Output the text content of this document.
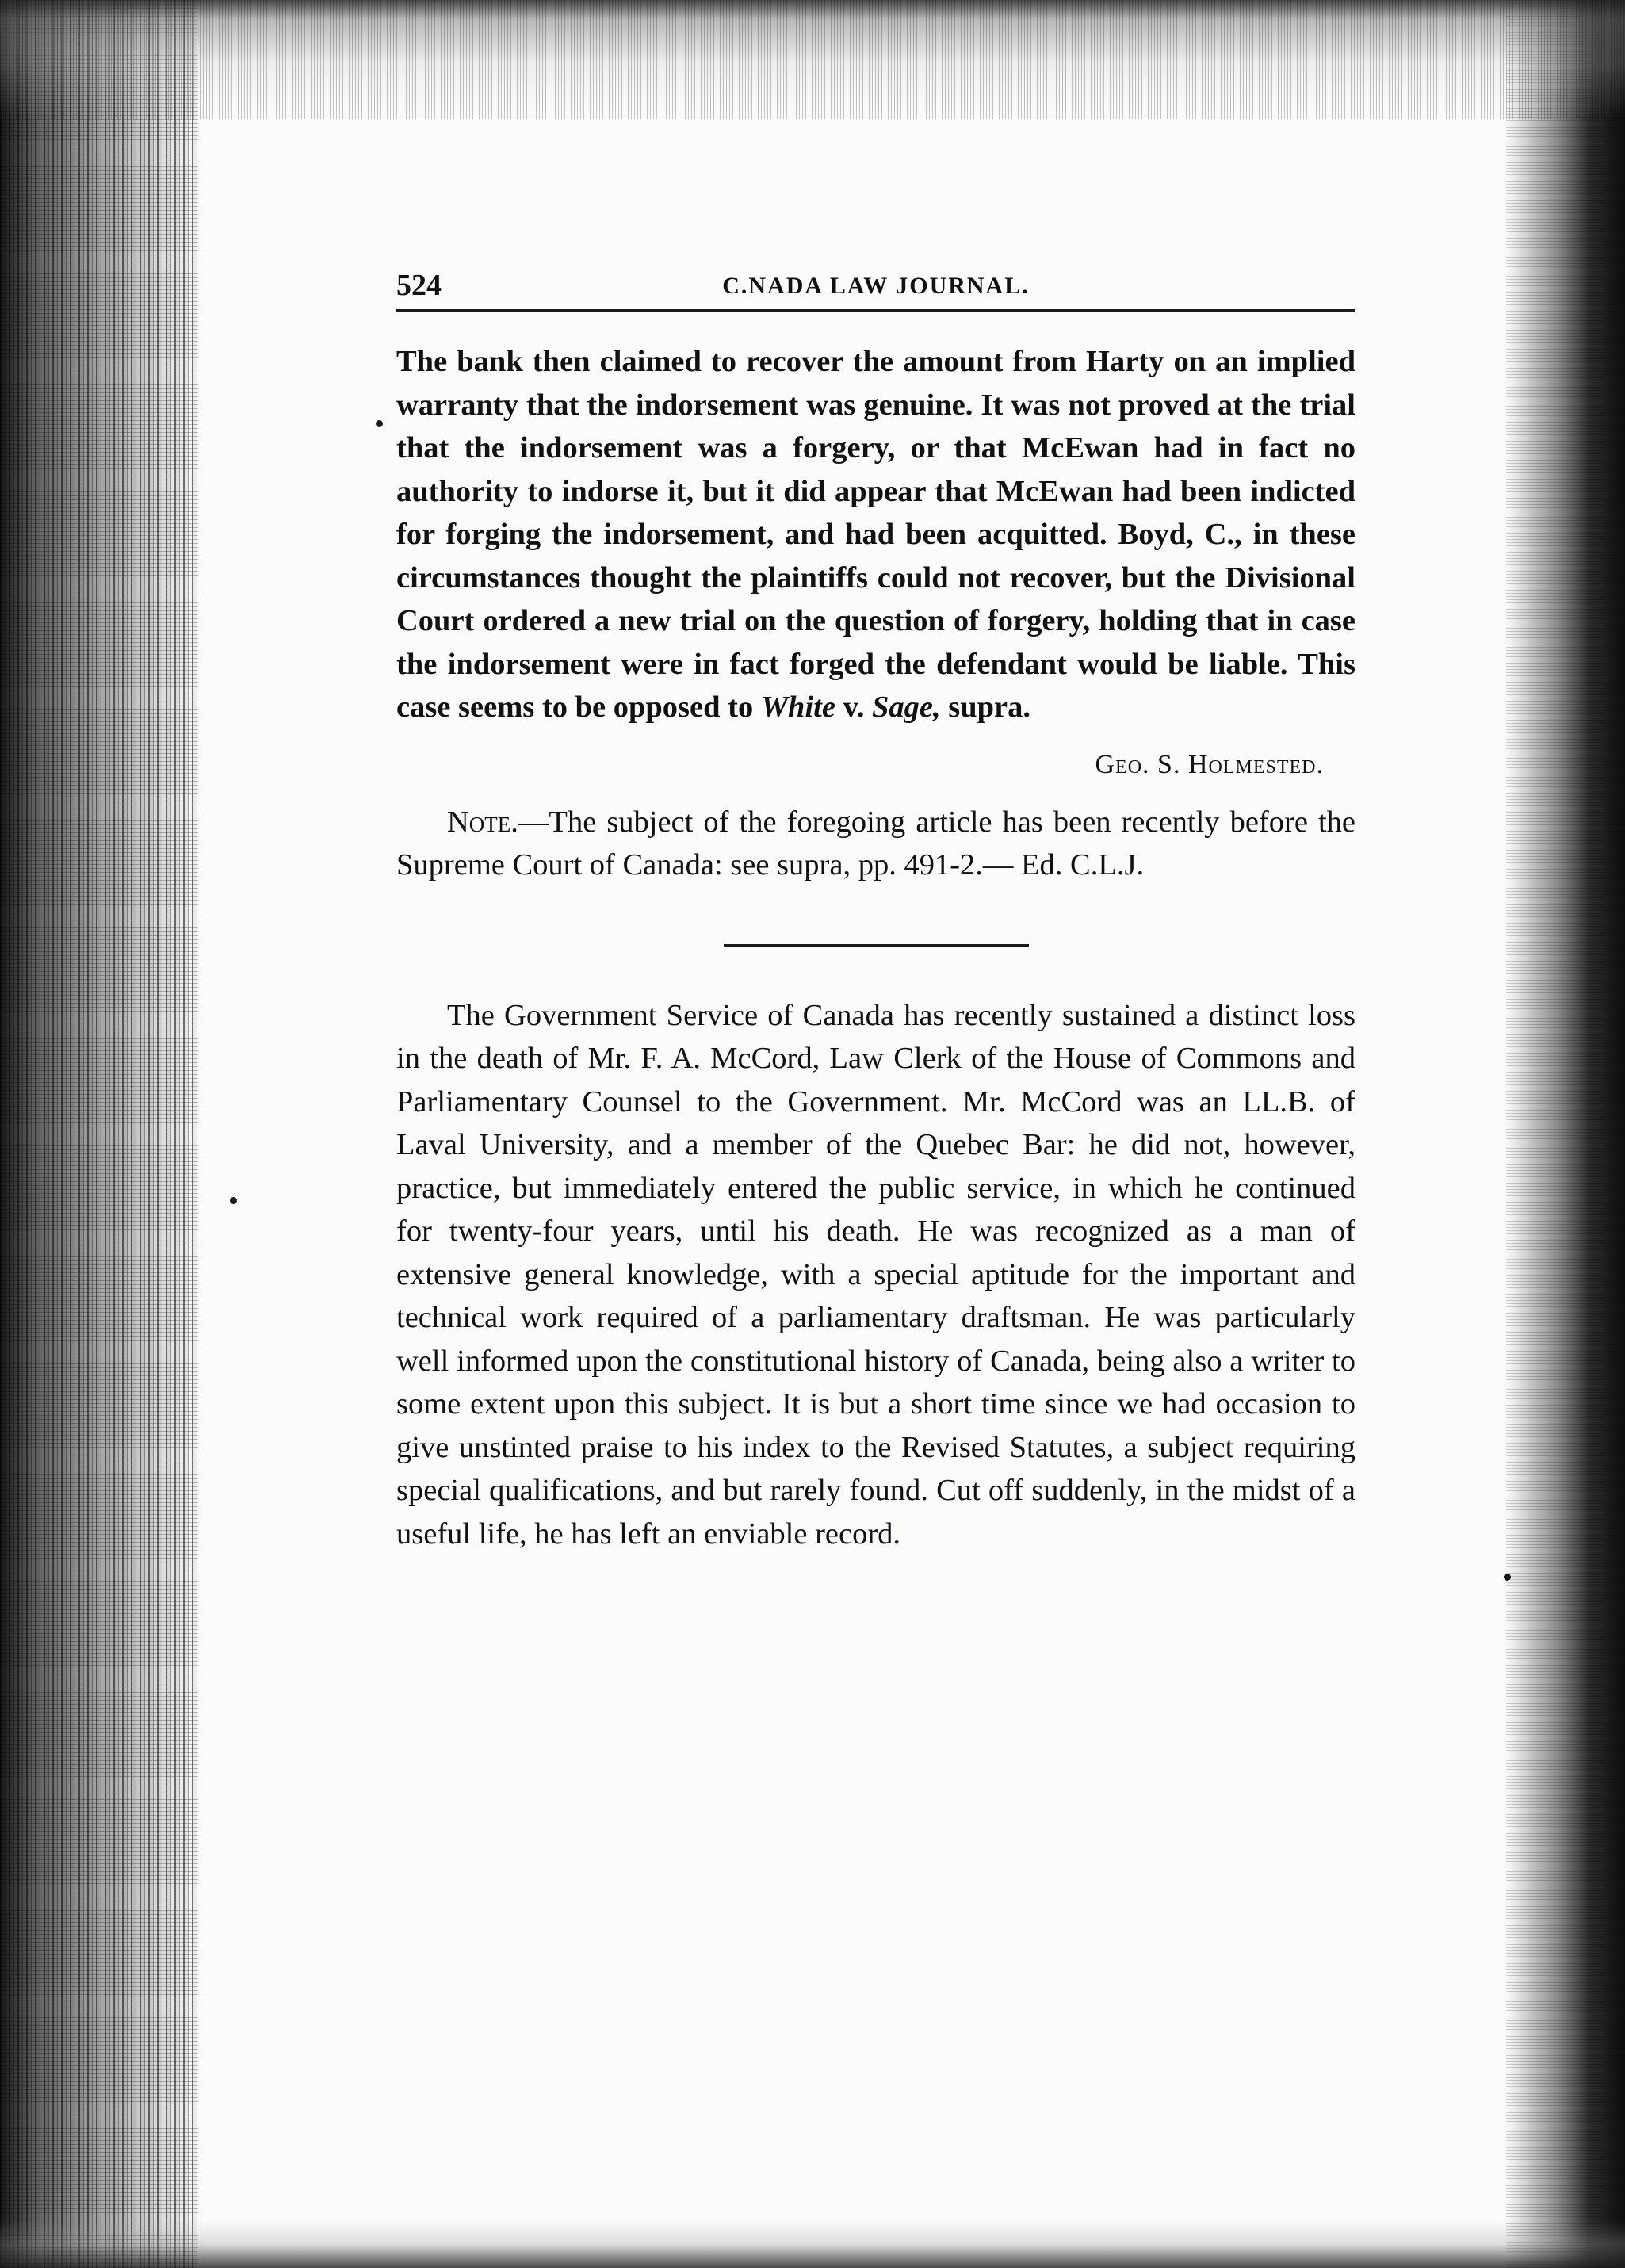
524	C.NADA LAW JOURNAL.

The bank then claimed to recover the amount from Harty on an implied warranty that the indorsement was genuine. It was not proved at the trial that the indorsement was a forgery, or that McEwan had in fact no authority to indorse it, but it did appear that McEwan had been indicted for forging the indorsement, and had been acquitted. Boyd, C., in these circumstances thought the plaintiffs could not recover, but the Divisional Court ordered a new trial on the question of forgery, holding that in case the indorsement were in fact forged the defendant would be liable. This case seems to be opposed to White v. Sage, supra.

Geo. S. Holmested.

Note.—The subject of the foregoing article has been recently before the Supreme Court of Canada: see supra, pp. 491-2.— Ed. C.L.J.

The Government Service of Canada has recently sustained a distinct loss in the death of Mr. F. A. McCord, Law Clerk of the House of Commons and Parliamentary Counsel to the Government. Mr. McCord was an LL.B. of Laval University, and a member of the Quebec Bar: he did not, however, practice, but immediately entered the public service, in which he continued for twenty-four years, until his death. He was recognized as a man of extensive general knowledge, with a special aptitude for the important and technical work required of a parliamentary draftsman. He was particularly well informed upon the constitutional history of Canada, being also a writer to some extent upon this subject. It is but a short time since we had occasion to give unstinted praise to his index to the Revised Statutes, a subject requiring special qualifications, and but rarely found. Cut off suddenly, in the midst of a useful life, he has left an enviable record.
